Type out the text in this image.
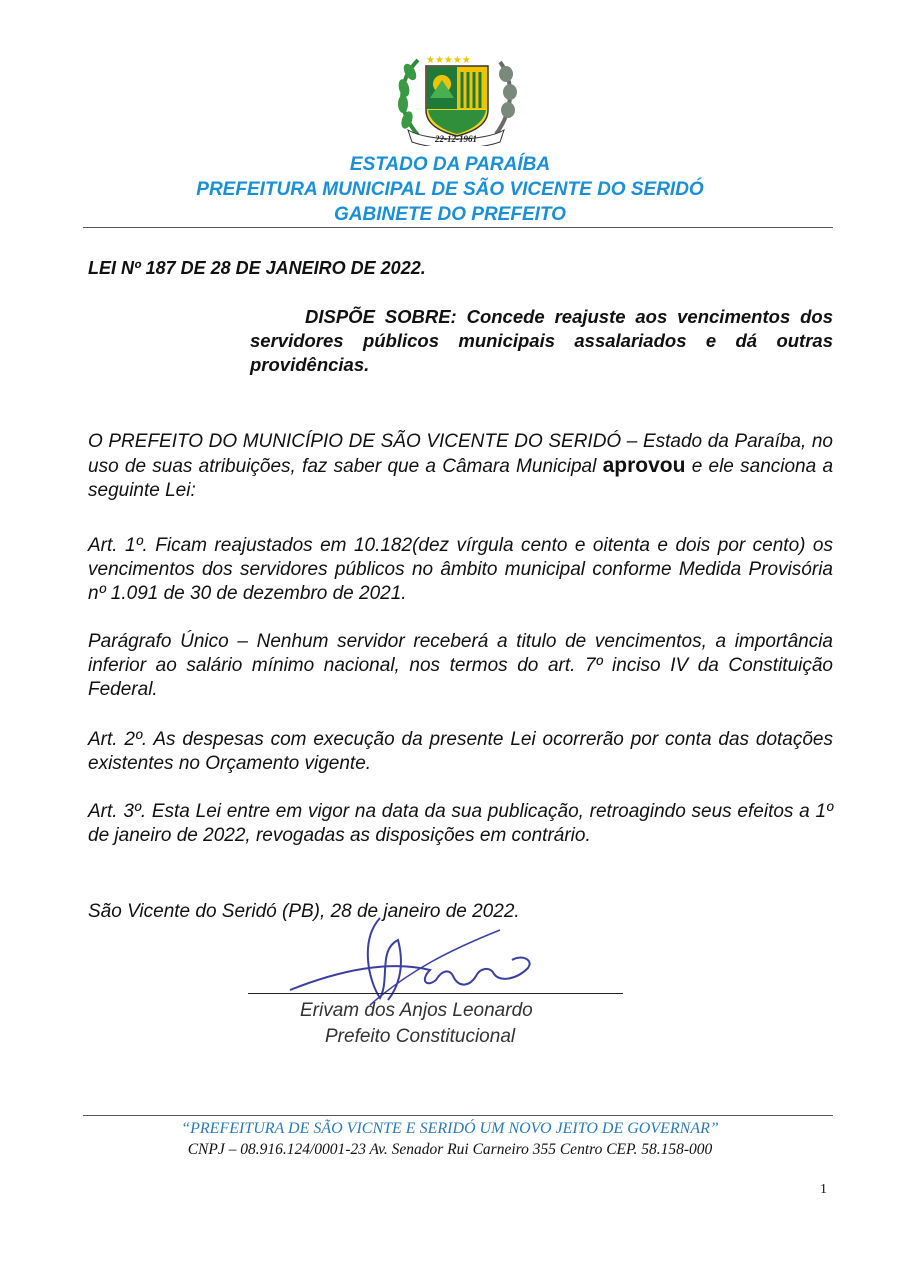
★★★★★
22-12-1961
ESTADO DA PARAÍBA
PREFEITURA MUNICIPAL DE SÃO VICENTE DO SERIDÓ
GABINETE DO PREFEITO
LEI Nº 187 DE 28 DE JANEIRO DE 2022.
DISPÕE SOBRE: Concede reajuste aos vencimentos dos servidores públicos municipais assalariados e dá outras providências.
O PREFEITO DO MUNICÍPIO DE SÃO VICENTE DO SERIDÓ – Estado da Paraíba, no uso de suas atribuições, faz saber que a Câmara Municipal aprovou e ele sanciona a seguinte Lei:
Art. 1º. Ficam reajustados em 10.182(dez vírgula cento e oitenta e dois por cento) os vencimentos dos servidores públicos no âmbito municipal conforme Medida Provisória nº 1.091 de 30 de dezembro de 2021.
Parágrafo Único – Nenhum servidor receberá a titulo de vencimentos, a importância inferior ao salário mínimo nacional, nos termos do art. 7º inciso IV da Constituição Federal.
Art. 2º. As despesas com execução da presente Lei ocorrerão por conta das dotações existentes no Orçamento vigente.
Art. 3º. Esta Lei entre em vigor na data da sua publicação, retroagindo seus efeitos a 1º de janeiro de 2022, revogadas as disposições em contrário.
São Vicente do Seridó (PB), 28 de janeiro de 2022.
Erivam dos Anjos Leonardo
Prefeito Constitucional
“PREFEITURA DE SÃO VICNTE E SERIDÓ UM NOVO JEITO DE GOVERNAR”
CNPJ – 08.916.124/0001-23 Av. Senador Rui Carneiro 355 Centro CEP. 58.158-000
1
